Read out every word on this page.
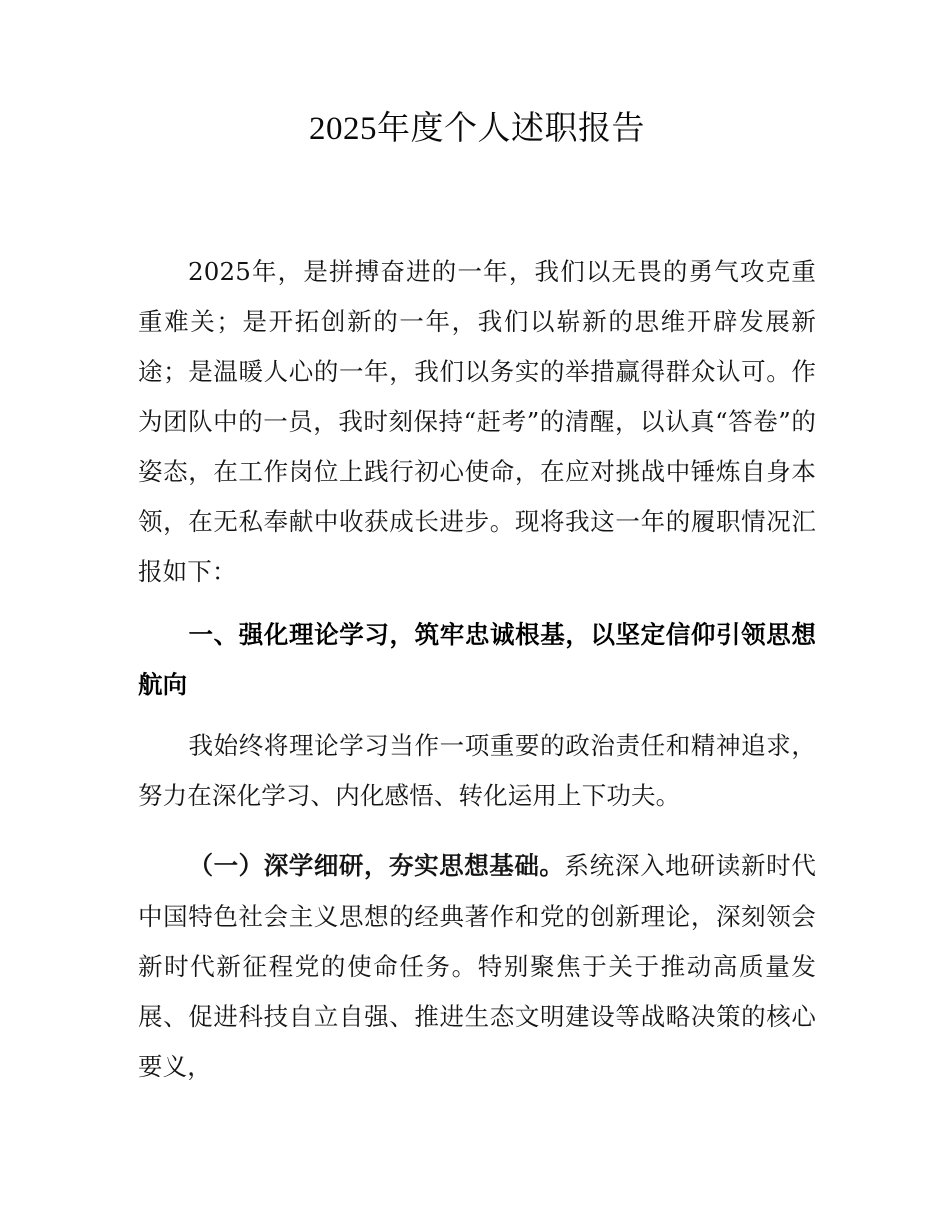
2025年度个人述职报告

2025年，是拼搏奋进的一年，我们以无畏的勇气攻克重重难关；是开拓创新的一年，我们以崭新的思维开辟发展新途；是温暖人心的一年，我们以务实的举措赢得群众认可。作为团队中的一员，我时刻保持“赶考”的清醒，以认真“答卷”的姿态，在工作岗位上践行初心使命，在应对挑战中锤炼自身本领，在无私奉献中收获成长进步。现将我这一年的履职情况汇报如下：

一、强化理论学习，筑牢忠诚根基，以坚定信仰引领思想航向

我始终将理论学习当作一项重要的政治责任和精神追求，努力在深化学习、内化感悟、转化运用上下功夫。

（一）深学细研，夯实思想基础。系统深入地研读新时代中国特色社会主义思想的经典著作和党的创新理论，深刻领会新时代新征程党的使命任务。特别聚焦于关于推动高质量发展、促进科技自立自强、推进生态文明建设等战略决策的核心要义，
